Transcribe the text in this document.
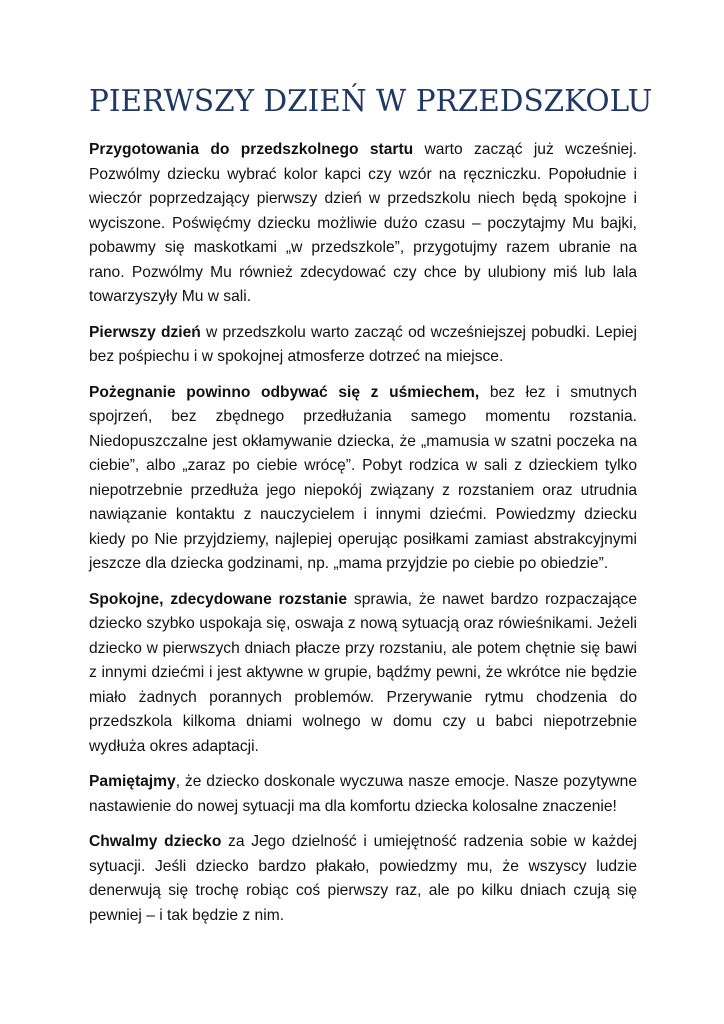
PIERWSZY DZIEŃ W PRZEDSZKOLU

Przygotowania do przedszkolnego startu warto zacząć już wcześniej. Pozwólmy dziecku wybrać kolor kapci czy wzór na ręczniczku. Popołudnie i wieczór poprzedzający pierwszy dzień w przedszkolu niech będą spokojne i wyciszone. Poświęćmy dziecku możliwie dużo czasu – poczytajmy Mu bajki, pobawmy się maskotkami „w przedszkole”, przygotujmy razem ubranie na rano. Pozwólmy Mu również zdecydować czy chce by ulubiony miś lub lala towarzyszyły Mu w sali.

Pierwszy dzień w przedszkolu warto zacząć od wcześniejszej pobudki. Lepiej bez pośpiechu i w spokojnej atmosferze dotrzeć na miejsce.

Pożegnanie powinno odbywać się z uśmiechem, bez łez i smutnych spojrzeń, bez zbędnego przedłużania samego momentu rozstania. Niedopuszczalne jest okłamywanie dziecka, że „mamusia w szatni poczeka na ciebie”, albo „zaraz po ciebie wrócę”. Pobyt rodzica w sali z dzieckiem tylko niepotrzebnie przedłuża jego niepokój związany z rozstaniem oraz utrudnia nawiązanie kontaktu z nauczycielem i innymi dziećmi. Powiedzmy dziecku kiedy po Nie przyjdziemy, najlepiej operując posiłkami zamiast abstrakcyjnymi jeszcze dla dziecka godzinami, np. „mama przyjdzie po ciebie po obiedzie”.

Spokojne, zdecydowane rozstanie sprawia, że nawet bardzo rozpaczające dziecko szybko uspokaja się, oswaja z nową sytuacją oraz rówieśnikami. Jeżeli dziecko w pierwszych dniach płacze przy rozstaniu, ale potem chętnie się bawi z innymi dziećmi i jest aktywne w grupie, bądźmy pewni, że wkrótce nie będzie miało żadnych porannych problemów. Przerywanie rytmu chodzenia do przedszkola kilkoma dniami wolnego w domu czy u babci niepotrzebnie wydłuża okres adaptacji.

Pamiętajmy, że dziecko doskonale wyczuwa nasze emocje. Nasze pozytywne nastawienie do nowej sytuacji ma dla komfortu dziecka kolosalne znaczenie!

Chwalmy dziecko za Jego dzielność i umiejętność radzenia sobie w każdej sytuacji. Jeśli dziecko bardzo płakało, powiedzmy mu, że wszyscy ludzie denerwują się trochę robiąc coś pierwszy raz, ale po kilku dniach czują się pewniej – i tak będzie z nim.
